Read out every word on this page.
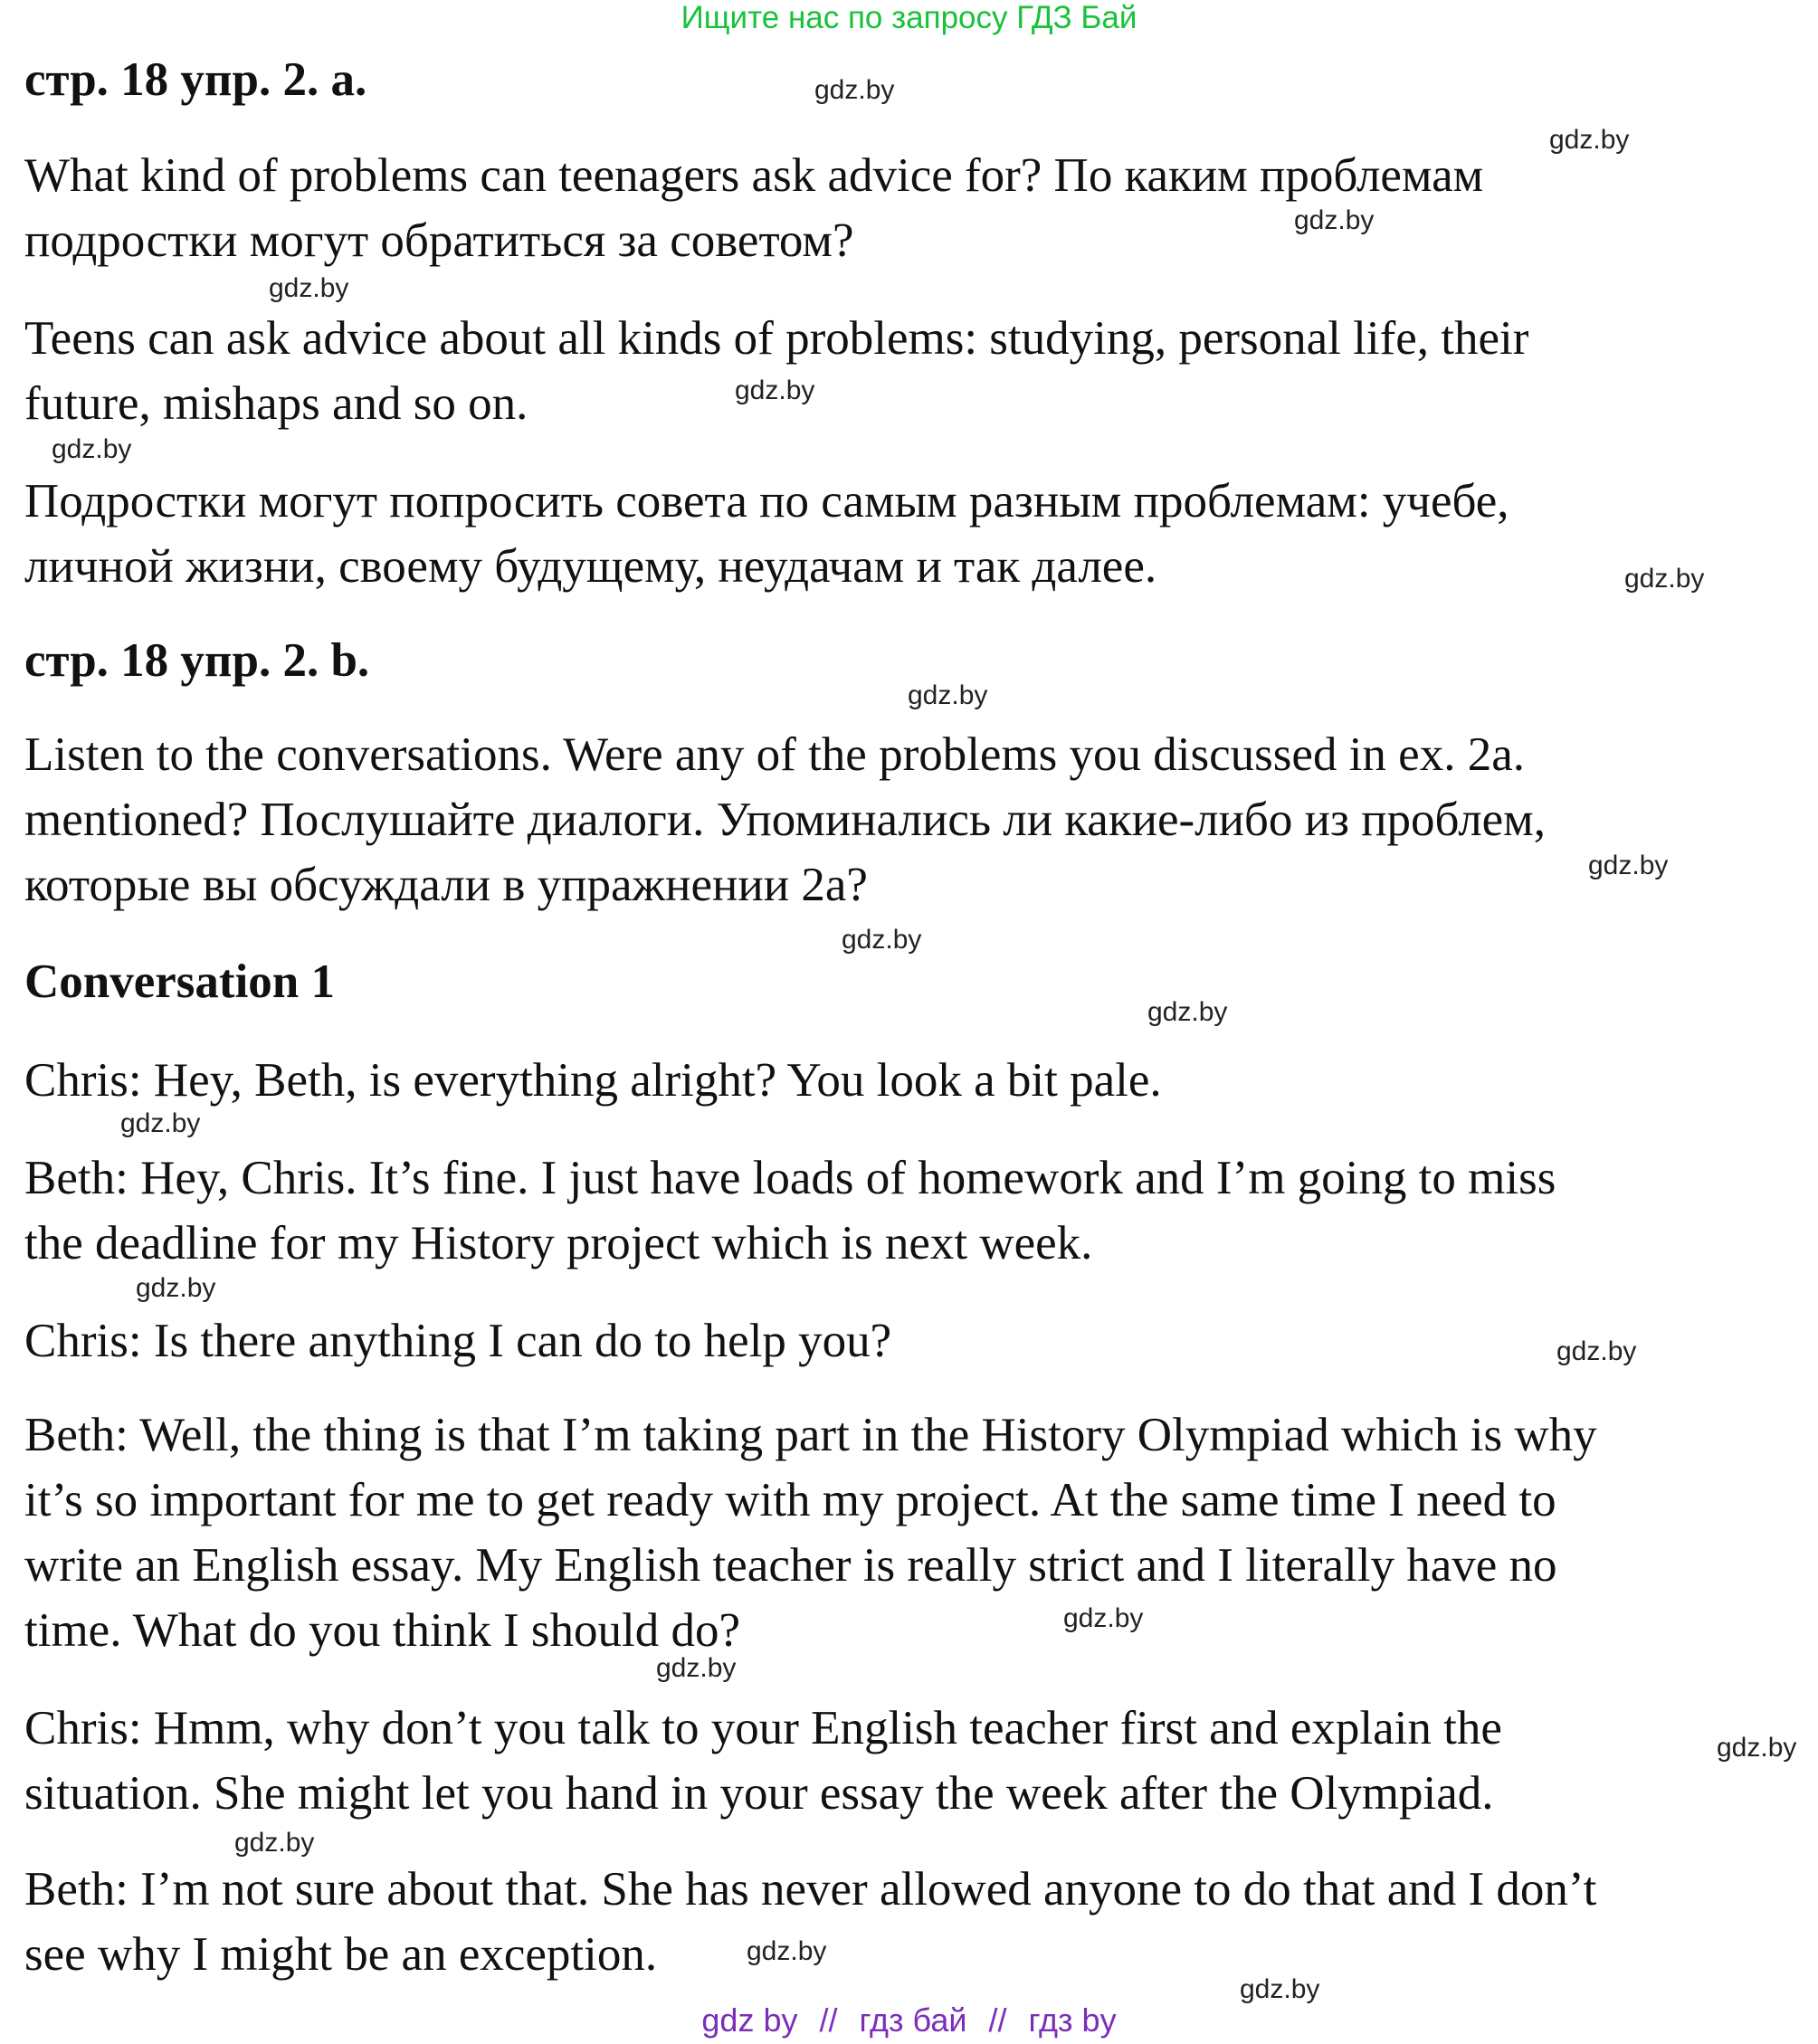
Ищите нас по запросу ГДЗ Бай
стр. 18 упр. 2. a.
What kind of problems can teenagers ask advice for? По каким проблемам
подростки могут обратиться за советом?
Teens can ask advice about all kinds of problems: studying, personal life, their
future, mishaps and so on.
Подростки могут попросить совета по самым разным проблемам: учебе,
личной жизни, своему будущему, неудачам и так далее.
стр. 18 упр. 2. b.
Listen to the conversations. Were any of the problems you discussed in ex. 2a.
mentioned? Послушайте диалоги. Упоминались ли какие-либо из проблем,
которые вы обсуждали в упражнении 2а?
Conversation 1
Chris: Hey, Beth, is everything alright? You look a bit pale.
Beth: Hey, Chris. It’s fine. I just have loads of homework and I’m going to miss
the deadline for my History project which is next week.
Chris: Is there anything I can do to help you?
Beth: Well, the thing is that I’m taking part in the History Olympiad which is why
it’s so important for me to get ready with my project. At the same time I need to
write an English essay. My English teacher is really strict and I literally have no
time. What do you think I should do?
Chris: Hmm, why don’t you talk to your English teacher first and explain the
situation. She might let you hand in your essay the week after the Olympiad.
Beth: I’m not sure about that. She has never allowed anyone to do that and I don’t
see why I might be an exception.
gdz.by
gdz.by
gdz.by
gdz.by
gdz.by
gdz.by
gdz.by
gdz.by
gdz.by
gdz.by
gdz.by
gdz.by
gdz.by
gdz.by
gdz.by
gdz.by
gdz.by
gdz.by
gdz.by
gdz.by
gdz by // гдз бай // гдз by
